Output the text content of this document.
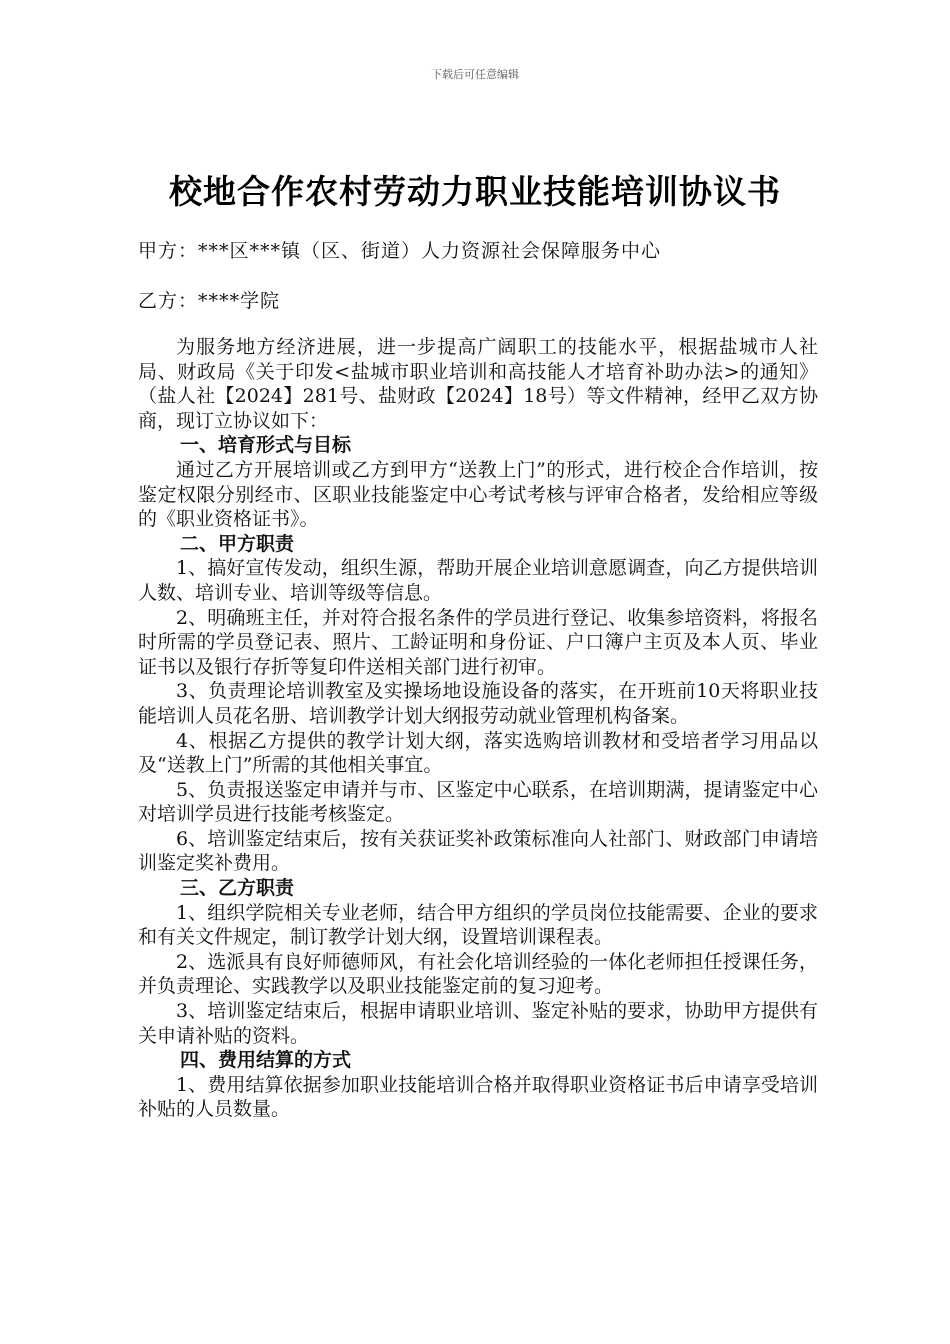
下载后可任意编辑
校地合作农村劳动力职业技能培训协议书
甲方：***区***镇（区、街道）人力资源社会保障服务中心
乙方：****学院

为服务地方经济进展，进一步提高广阔职工的技能水平，根据盐城市人社局、财政局《关于印发<盐城市职业培训和高技能人才培育补助办法>的通知》（盐人社【2024】281号、盐财政【2024】18号）等文件精神，经甲乙双方协商，现订立协议如下：

一、培育形式与目标

通过乙方开展培训或乙方到甲方“送教上门”的形式，进行校企合作培训，按鉴定权限分别经市、区职业技能鉴定中心考试考核与评审合格者，发给相应等级的《职业资格证书》。

二、甲方职责

1、搞好宣传发动，组织生源，帮助开展企业培训意愿调查，向乙方提供培训人数、培训专业、培训等级等信息。

2、明确班主任，并对符合报名条件的学员进行登记、收集参培资料，将报名时所需的学员登记表、照片、工龄证明和身份证、户口簿户主页及本人页、毕业证书以及银行存折等复印件送相关部门进行初审。

3、负责理论培训教室及实操场地设施设备的落实，在开班前10天将职业技能培训人员花名册、培训教学计划大纲报劳动就业管理机构备案。

4、根据乙方提供的教学计划大纲，落实选购培训教材和受培者学习用品以及“送教上门”所需的其他相关事宜。

5、负责报送鉴定申请并与市、区鉴定中心联系，在培训期满，提请鉴定中心对培训学员进行技能考核鉴定。

6、培训鉴定结束后，按有关获证奖补政策标准向人社部门、财政部门申请培训鉴定奖补费用。

三、乙方职责

1、组织学院相关专业老师，结合甲方组织的学员岗位技能需要、企业的要求和有关文件规定，制订教学计划大纲，设置培训课程表。

2、选派具有良好师德师风，有社会化培训经验的一体化老师担任授课任务，并负责理论、实践教学以及职业技能鉴定前的复习迎考。

3、培训鉴定结束后，根据申请职业培训、鉴定补贴的要求，协助甲方提供有关申请补贴的资料。

四、费用结算的方式

1、费用结算依据参加职业技能培训合格并取得职业资格证书后申请享受培训补贴的人员数量。
